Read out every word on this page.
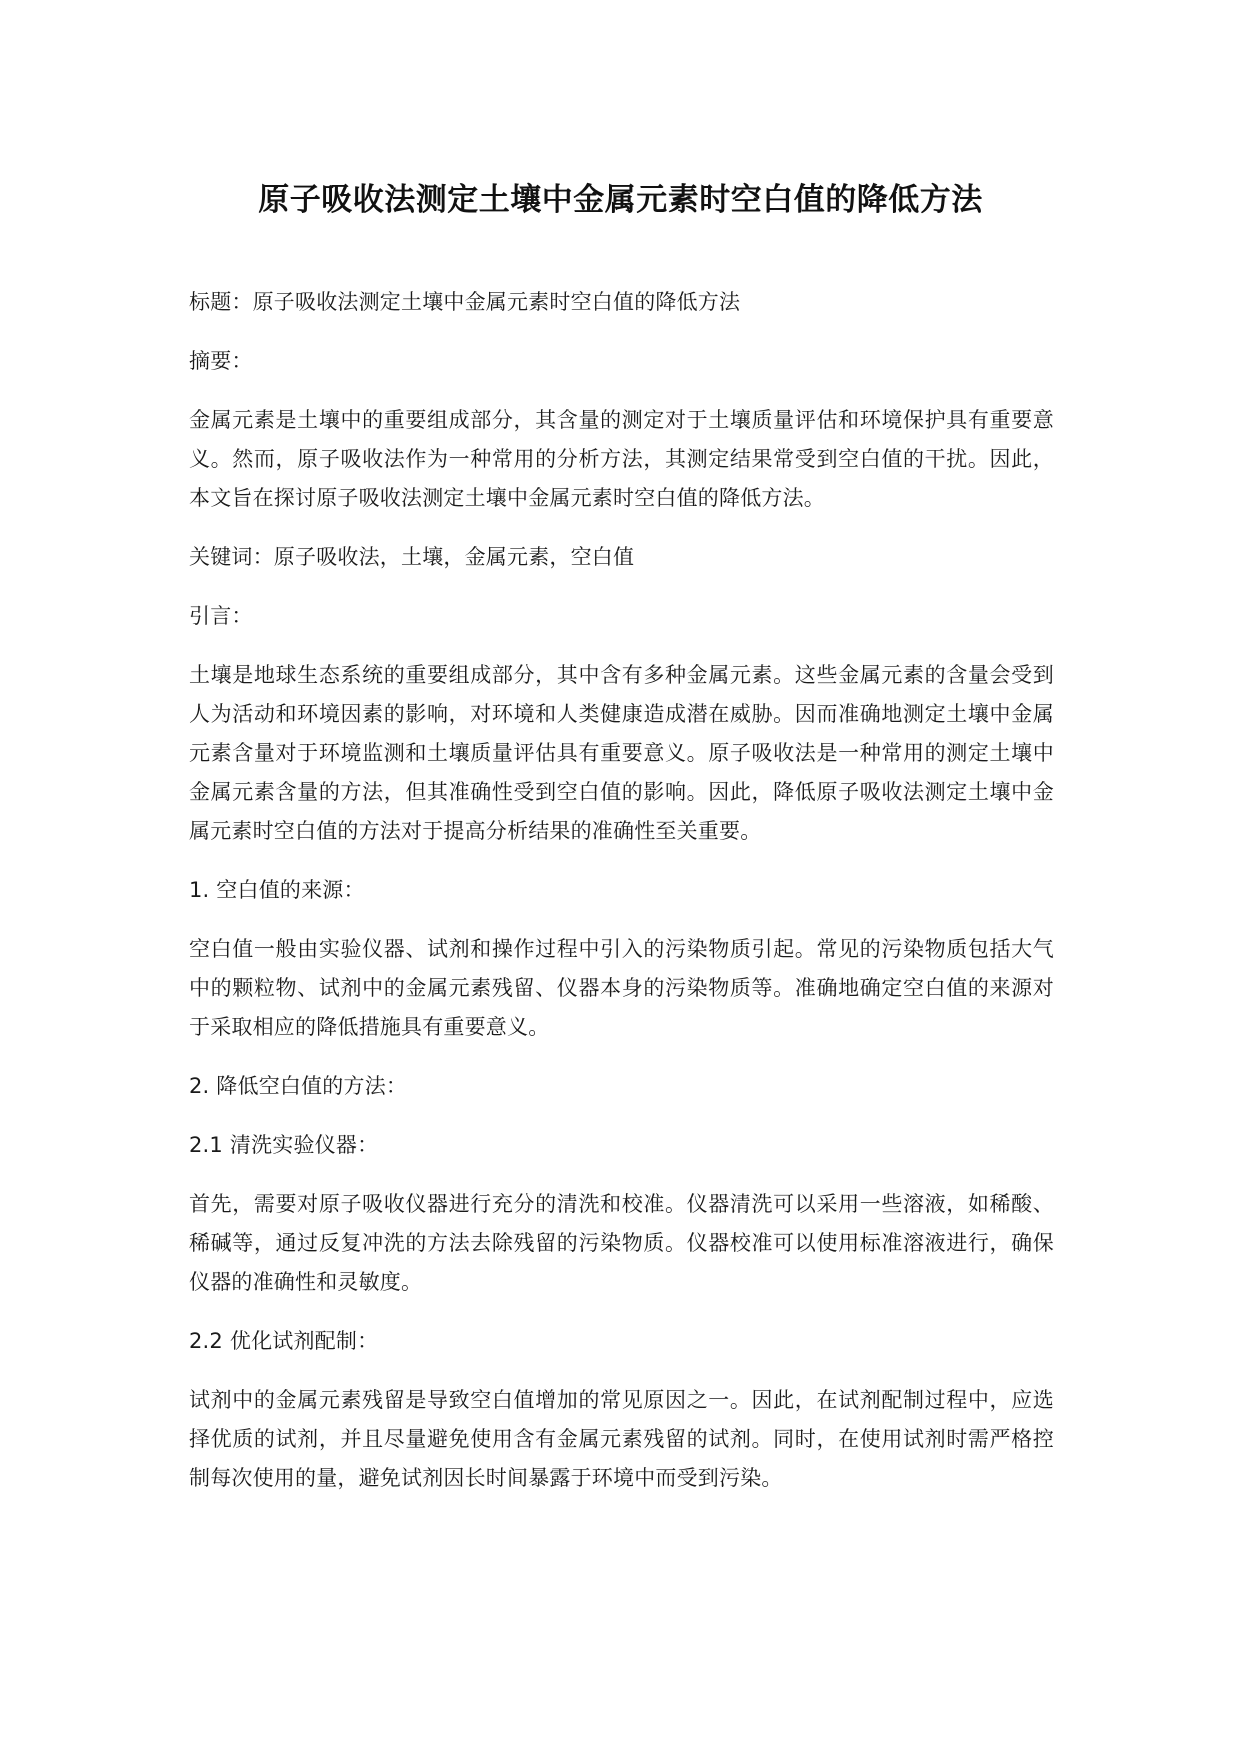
原子吸收法测定土壤中金属元素时空白值的降低方法

标题：原子吸收法测定土壤中金属元素时空白值的降低方法

摘要：

金属元素是土壤中的重要组成部分，其含量的测定对于土壤质量评估和环境保护具有重要意义。然而，原子吸收法作为一种常用的分析方法，其测定结果常受到空白值的干扰。因此，本文旨在探讨原子吸收法测定土壤中金属元素时空白值的降低方法。

关键词：原子吸收法，土壤，金属元素，空白值

引言：

土壤是地球生态系统的重要组成部分，其中含有多种金属元素。这些金属元素的含量会受到人为活动和环境因素的影响，对环境和人类健康造成潜在威胁。因而准确地测定土壤中金属元素含量对于环境监测和土壤质量评估具有重要意义。原子吸收法是一种常用的测定土壤中金属元素含量的方法，但其准确性受到空白值的影响。因此，降低原子吸收法测定土壤中金属元素时空白值的方法对于提高分析结果的准确性至关重要。

1. 空白值的来源：

空白值一般由实验仪器、试剂和操作过程中引入的污染物质引起。常见的污染物质包括大气中的颗粒物、试剂中的金属元素残留、仪器本身的污染物质等。准确地确定空白值的来源对于采取相应的降低措施具有重要意义。

2. 降低空白值的方法：

2.1 清洗实验仪器：

首先，需要对原子吸收仪器进行充分的清洗和校准。仪器清洗可以采用一些溶液，如稀酸、稀碱等，通过反复冲洗的方法去除残留的污染物质。仪器校准可以使用标准溶液进行，确保仪器的准确性和灵敏度。

2.2 优化试剂配制：

试剂中的金属元素残留是导致空白值增加的常见原因之一。因此，在试剂配制过程中，应选择优质的试剂，并且尽量避免使用含有金属元素残留的试剂。同时，在使用试剂时需严格控制每次使用的量，避免试剂因长时间暴露于环境中而受到污染。
